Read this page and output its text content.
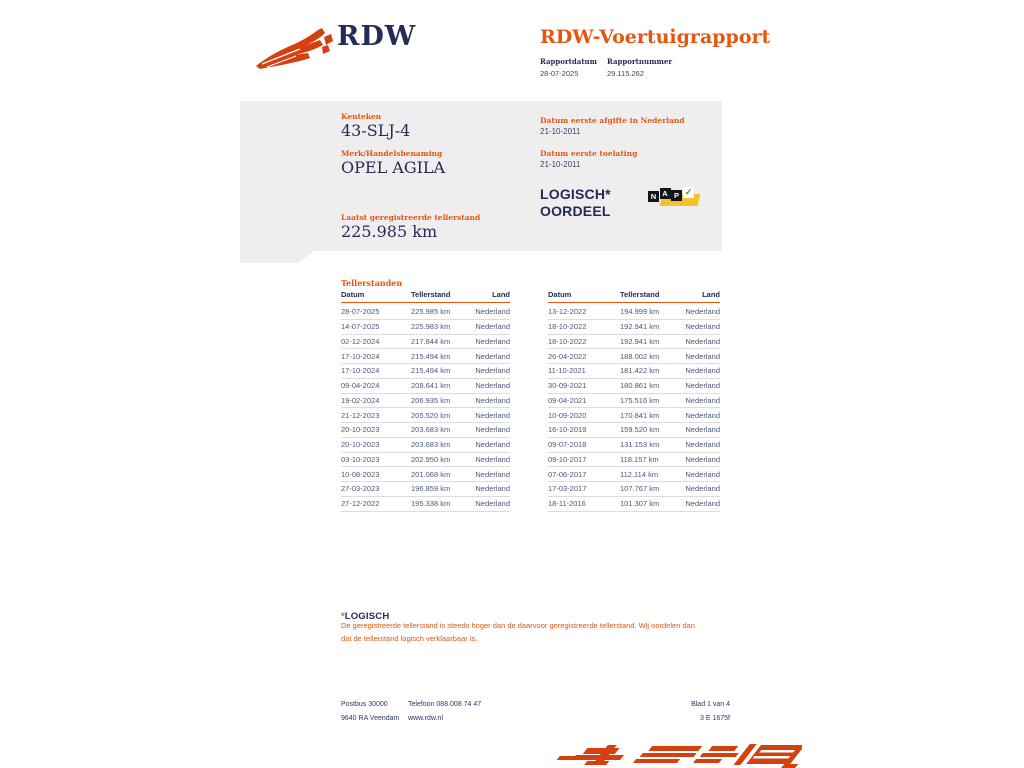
RDW	RDW-Voertuigrapport
Rapportdatum Rapportnummer
28-07-2025	29.115.262
Kenteken
43-SLJ-4
Merk/Handelsbenaming
OPEL AGILA
Laatst geregistreerde tellerstand
225.985 km
Datum eerste afgifte in Nederland
21-10-2011
Datum eerste toelating
21-10-2011
LOGISCH*
OORDEEL
N A P ✓
Tellerstanden
Datum	Tellerstand	Land
28-07-2025	225.985 km	Nederland
14-07-2025	225.983 km	Nederland
02-12-2024	217.844 km	Nederland
17-10-2024	215.494 km	Nederland
17-10-2024	215.494 km	Nederland
09-04-2024	208.641 km	Nederland
19-02-2024	206.935 km	Nederland
21-12-2023	205.520 km	Nederland
20-10-2023	203.683 km	Nederland
20-10-2023	203.683 km	Nederland
03-10-2023	202.950 km	Nederland
10-08-2023	201.068 km	Nederland
27-03-2023	196.859 km	Nederland
27-12-2022	195.338 km	Nederland
Datum	Tellerstand	Land
13-12-2022	194.999 km	Nederland
18-10-2022	192.941 km	Nederland
18-10-2022	192.941 km	Nederland
26-04-2022	188.002 km	Nederland
11-10-2021	181.422 km	Nederland
30-09-2021	180.861 km	Nederland
09-04-2021	175.516 km	Nederland
10-09-2020	170.841 km	Nederland
16-10-2019	159.520 km	Nederland
09-07-2018	131.153 km	Nederland
09-10-2017	118.157 km	Nederland
07-06-2017	112.114 km	Nederland
17-03-2017	107.767 km	Nederland
18-11-2016	101.307 km	Nederland
*LOGISCH
De geregistreerde tellerstand is steeds hoger dan de daarvoor geregistreerde tellerstand. Wij oordelen dan
dat de tellerstand logisch verklaarbaar is.
Postbus 30000
9640 RA Veendam
Telefoon 088 008 74 47
www.rdw.nl
Blad 1 van 4
3 E 1675f
